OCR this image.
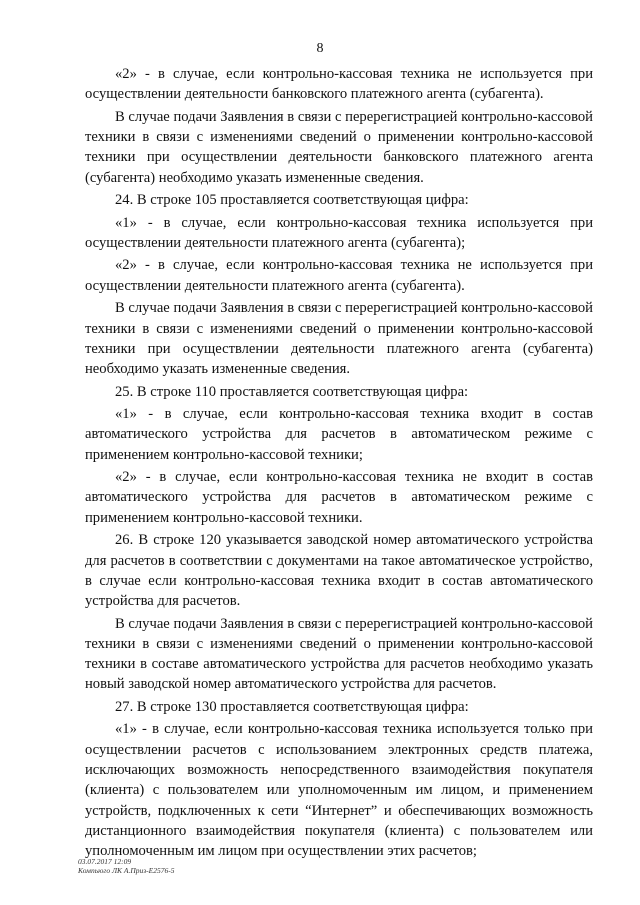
8

«2» - в случае, если контрольно-кассовая техника не используется при осуществлении деятельности банковского платежного агента (субагента).

В случае подачи Заявления в связи с перерегистрацией контрольно-кассовой техники в связи с изменениями сведений о применении контрольно-кассовой техники при осуществлении деятельности банковского платежного агента (субагента) необходимо указать измененные сведения.

24. В строке 105 проставляется соответствующая цифра:

«1» - в случае, если контрольно-кассовая техника используется при осуществлении деятельности платежного агента (субагента);

«2» - в случае, если контрольно-кассовая техника не используется при осуществлении деятельности платежного агента (субагента).

В случае подачи Заявления в связи с перерегистрацией контрольно-кассовой техники в связи с изменениями сведений о применении контрольно-кассовой техники при осуществлении деятельности платежного агента (субагента) необходимо указать измененные сведения.

25. В строке 110 проставляется соответствующая цифра:

«1» - в случае, если контрольно-кассовая техника входит в состав автоматического устройства для расчетов в автоматическом режиме с применением контрольно-кассовой техники;

«2» - в случае, если контрольно-кассовая техника не входит в состав автоматического устройства для расчетов в автоматическом режиме с применением контрольно-кассовой техники.

26. В строке 120 указывается заводской номер автоматического устройства для расчетов в соответствии с документами на такое автоматическое устройство, в случае если контрольно-кассовая техника входит в состав автоматического устройства для расчетов.

В случае подачи Заявления в связи с перерегистрацией контрольно-кассовой техники в связи с изменениями сведений о применении контрольно-кассовой техники в составе автоматического устройства для расчетов необходимо указать новый заводской номер автоматического устройства для расчетов.

27. В строке 130 проставляется соответствующая цифра:

«1» - в случае, если контрольно-кассовая техника используется только при осуществлении расчетов с использованием электронных средств платежа, исключающих возможность непосредственного взаимодействия покупателя (клиента) с пользователем или уполномоченным им лицом, и применением устройств, подключенных к сети “Интернет” и обеспечивающих возможность дистанционного взаимодействия покупателя (клиента) с пользователем или уполномоченным им лицом при осуществлении этих расчетов;

03.07.2017 12:09
Компьюго ЛК А.Приз-Е2576-5
